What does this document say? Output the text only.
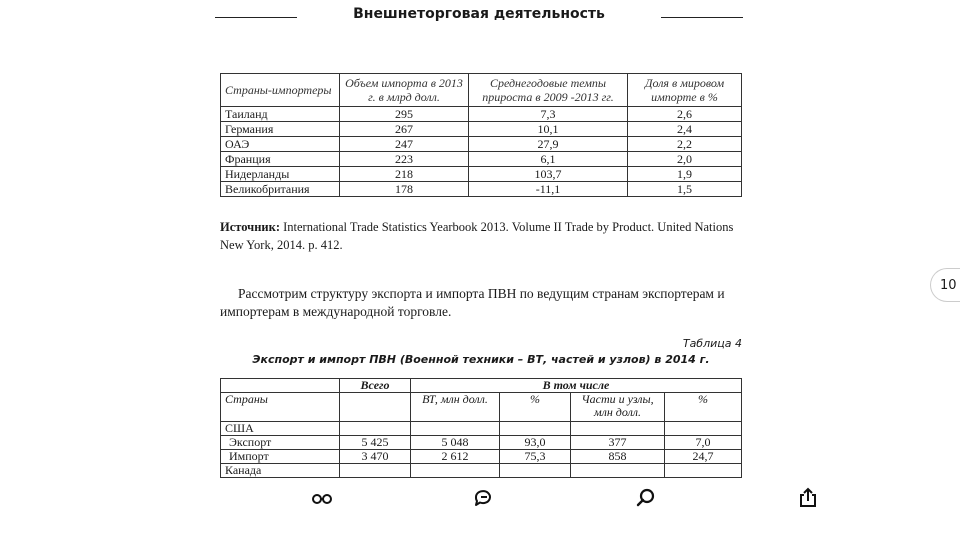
Внешнеторговая деятельность
Страны-импортеры	Объем импорта в 2013 г. в млрд долл.	Среднегодовые темпы прироста в 2009 -2013 гг.	Доля в мировом импорте в %
Таиланд	295	7,3	2,6
Германия	267	10,1	2,4
ОАЭ	247	27,9	2,2
Франция	223	6,1	2,0
Нидерланды	218	103,7	1,9
Великобритания	178	-11,1	1,5
Источник: International Trade Statistics Yearbook 2013. Volume II Trade by Product. United Nations New York, 2014. p. 412.
Рассмотрим структуру экспорта и импорта ПВН по ведущим странам экспортерам и импортерам в международной торговле.
Таблица 4
Экспорт и импорт ПВН (Военной техники – ВТ, частей и узлов) в 2014 г.
	Всего	В том числе			
Страны		ВТ, млн долл.	%	Части и узлы, млн долл.	%
США					
Экспорт	5 425	5 048	93,0	377	7,0
Импорт	3 470	2 612	75,3	858	24,7
Канада					
10
